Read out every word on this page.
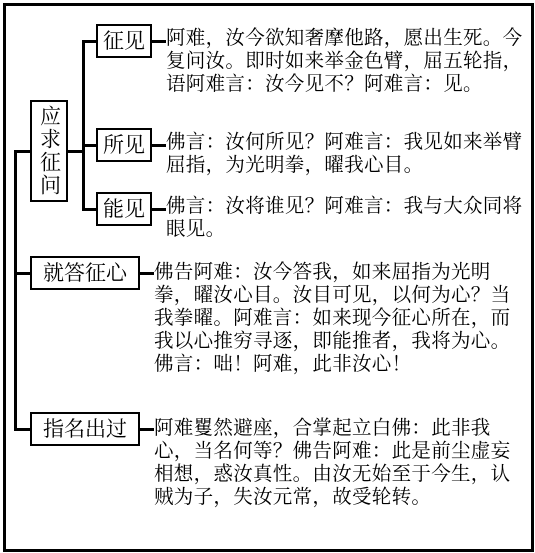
应求征问
征见 阿难，汝今欲知奢摩他路，愿出生死。今复问汝。即时如来举金色臂，屈五轮指，语阿难言：汝今见不？阿难言：见。
所见 佛言：汝何所见？阿难言：我见如来举臂屈指，为光明拳，曜我心目。
能见 佛言：汝将谁见？阿难言：我与大众同将眼见。
就答征心 佛告阿难：汝今答我，如来屈指为光明拳，曜汝心目。汝目可见，以何为心？当我拳曜。阿难言：如来现今征心所在，而我以心推穷寻逐，即能推者，我将为心。佛言：咄！阿难，此非汝心！
指名出过 阿难矍然避座，合掌起立白佛：此非我心，当名何等？佛告阿难：此是前尘虚妄相想，惑汝真性。由汝无始至于今生，认贼为子，失汝元常，故受轮转。
